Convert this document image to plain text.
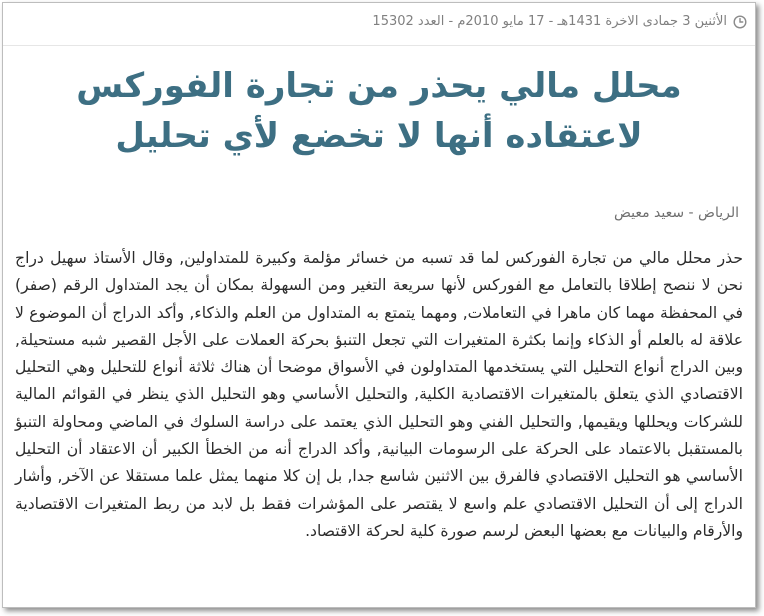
الأثنين 3 جمادى الاخرة 1431هـ - 17 مايو 2010م - العدد 15302
محلل مالي يحذر من تجارة الفوركس لاعتقاده أنها لا تخضع لأي تحليل
الرياض - سعيد معيض

حذر محلل مالي من تجارة الفوركس لما قد تسبه من خسائر مؤلمة وكبيرة للمتداولين, وقال الأستاذ سهيل دراج نحن لا ننصح إطلاقا بالتعامل مع الفوركس لأنها سريعة التغير ومن السهولة بمكان أن يجد المتداول الرقم (صفر) في المحفظة مهما كان ماهرا في التعاملات, ومهما يتمتع به المتداول من العلم والذكاء, وأكد الدراج أن الموضوع لا علاقة له بالعلم أو الذكاء وإنما بكثرة المتغيرات التي تجعل التنبؤ بحركة العملات على الأجل القصير شبه مستحيلة, وبين الدراج أنواع التحليل التي يستخدمها المتداولون في الأسواق موضحا أن هناك ثلاثة أنواع للتحليل وهي التحليل الاقتصادي الذي يتعلق بالمتغيرات الاقتصادية الكلية, والتحليل الأساسي وهو التحليل الذي ينظر في القوائم المالية للشركات ويحللها ويقيمها, والتحليل الفني وهو التحليل الذي يعتمد على دراسة السلوك في الماضي ومحاولة التنبؤ بالمستقبل بالاعتماد على الحركة على الرسومات البيانية, وأكد الدراج أنه من الخطأ الكبير أن الاعتقاد أن التحليل الأساسي هو التحليل الاقتصادي فالفرق بين الاثنين شاسع جدا, بل إن كلا منهما يمثل علما مستقلا عن الآخر, وأشار الدراج إلى أن التحليل الاقتصادي علم واسع لا يقتصر على المؤشرات فقط بل لابد من ربط المتغيرات الاقتصادية والأرقام والبيانات مع بعضها البعض لرسم صورة كلية لحركة الاقتصاد.
